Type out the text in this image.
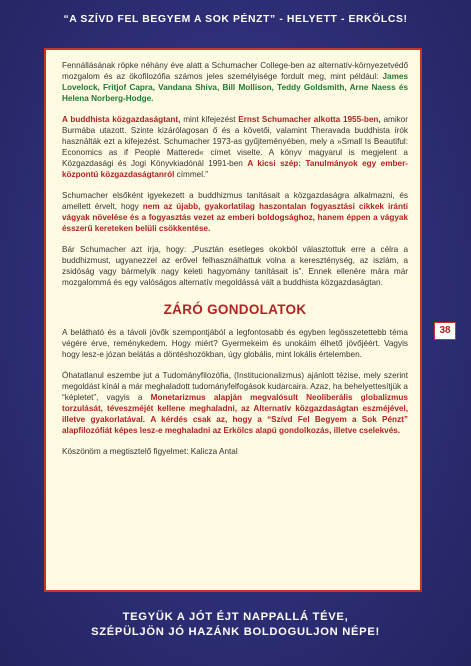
“A SZÍVD FEL BEGYEM A SOK PÉNZT” - HELYETT - ERKÖLCS!

Fennállásának röpke néhány éve alatt a Schumacher College-ben az alternatív-környezetvédő mozgalom és az ökofilozófia számos jeles személyisége fordult meg, mint például: James Lovelock, Fritjof Capra, Vandana Shiva, Bill Mollison, Teddy Goldsmith, Arne Naess és Helena Norberg-Hodge.

A buddhista közgazdaságtant, mint kifejezést Ernst Schumacher alkotta 1955-ben, amikor Burmába utazott. Szinte kizárólagosan ő és a követői, valamint Theravada buddhista írók használták ezt a kifejezést. Schumacher 1973-as gyűjteményében, mely a »Small Is Beautiful: Economics as if People Mattered« címet viselte. A könyv magyarul is megjelent a Közgazdasági és Jogi Könyvkiadónál 1991-ben A kicsi szép: Tanulmányok egy ember-központú közgazdaságtanról címmel.”

Schumacher elsőként igyekezett a buddhizmus tanításait a közgazdaságra alkalmazni, és amellett érvelt, hogy nem az újabb, gyakorlatilag haszontalan fogyasztási cikkek iránti vágyak növelése és a fogyasztás vezet az emberi boldogsághoz, hanem éppen a vágyak ésszerű kereteken belüli csökkentése.

Bár Schumacher azt írja, hogy: „Pusztán esetleges okokból választottuk erre a célra a buddhizmust, ugyanezzel az erővel felhasználhattuk volna a kereszténység, az iszlám, a zsidóság vagy bármelyik nagy keleti hagyomány tanításait is”. Ennek ellenére mára már mozgalommá és egy valóságos alternatív megoldássá vált a buddhista közgazdaságtan.

ZÁRÓ GONDOLATOK

A belátható és a távoli jövők szempontjából a legfontosabb és egyben legösszetettebb téma végére érve, reménykedem. Hogy miért? Gyermekeim és unokáim élhető jövőjéért. Vagyis hogy lesz-e józan belátás a döntéshozókban, úgy globális, mint lokális értelemben.

Óhatatlanul eszembe jut a Tudományfilozófia, (Institucionalizmus) ajánlott tézise, mely szerint megoldást kínál a már meghaladott tudományfelfogások kudarcaira. Azaz, ha behelyettesítjük a “képletet”, vagyis a Monetarizmus alapján megvalósult Neoliberális globalizmus torzulását, téveszméjét kellene meghaladni, az Alternatív közgazdaságtan eszméjével, illetve gyakorlatával. A kérdés csak az, hogy a “Szívd Fel Begyem a Sok Pénzt” alapfilozófiát képes lesz-e meghaladni az Erkölcs alapú gondolkozás, illetve cselekvés.

Köszönöm a megtisztelő figyelmet: Kalicza Antal

38
TEGYÜK A JÓT ÉJT NAPPALLÁ TÉVE,
SZÉPÜLJÖN JÓ HAZÁNK BOLDOGULJON NÉPE!
